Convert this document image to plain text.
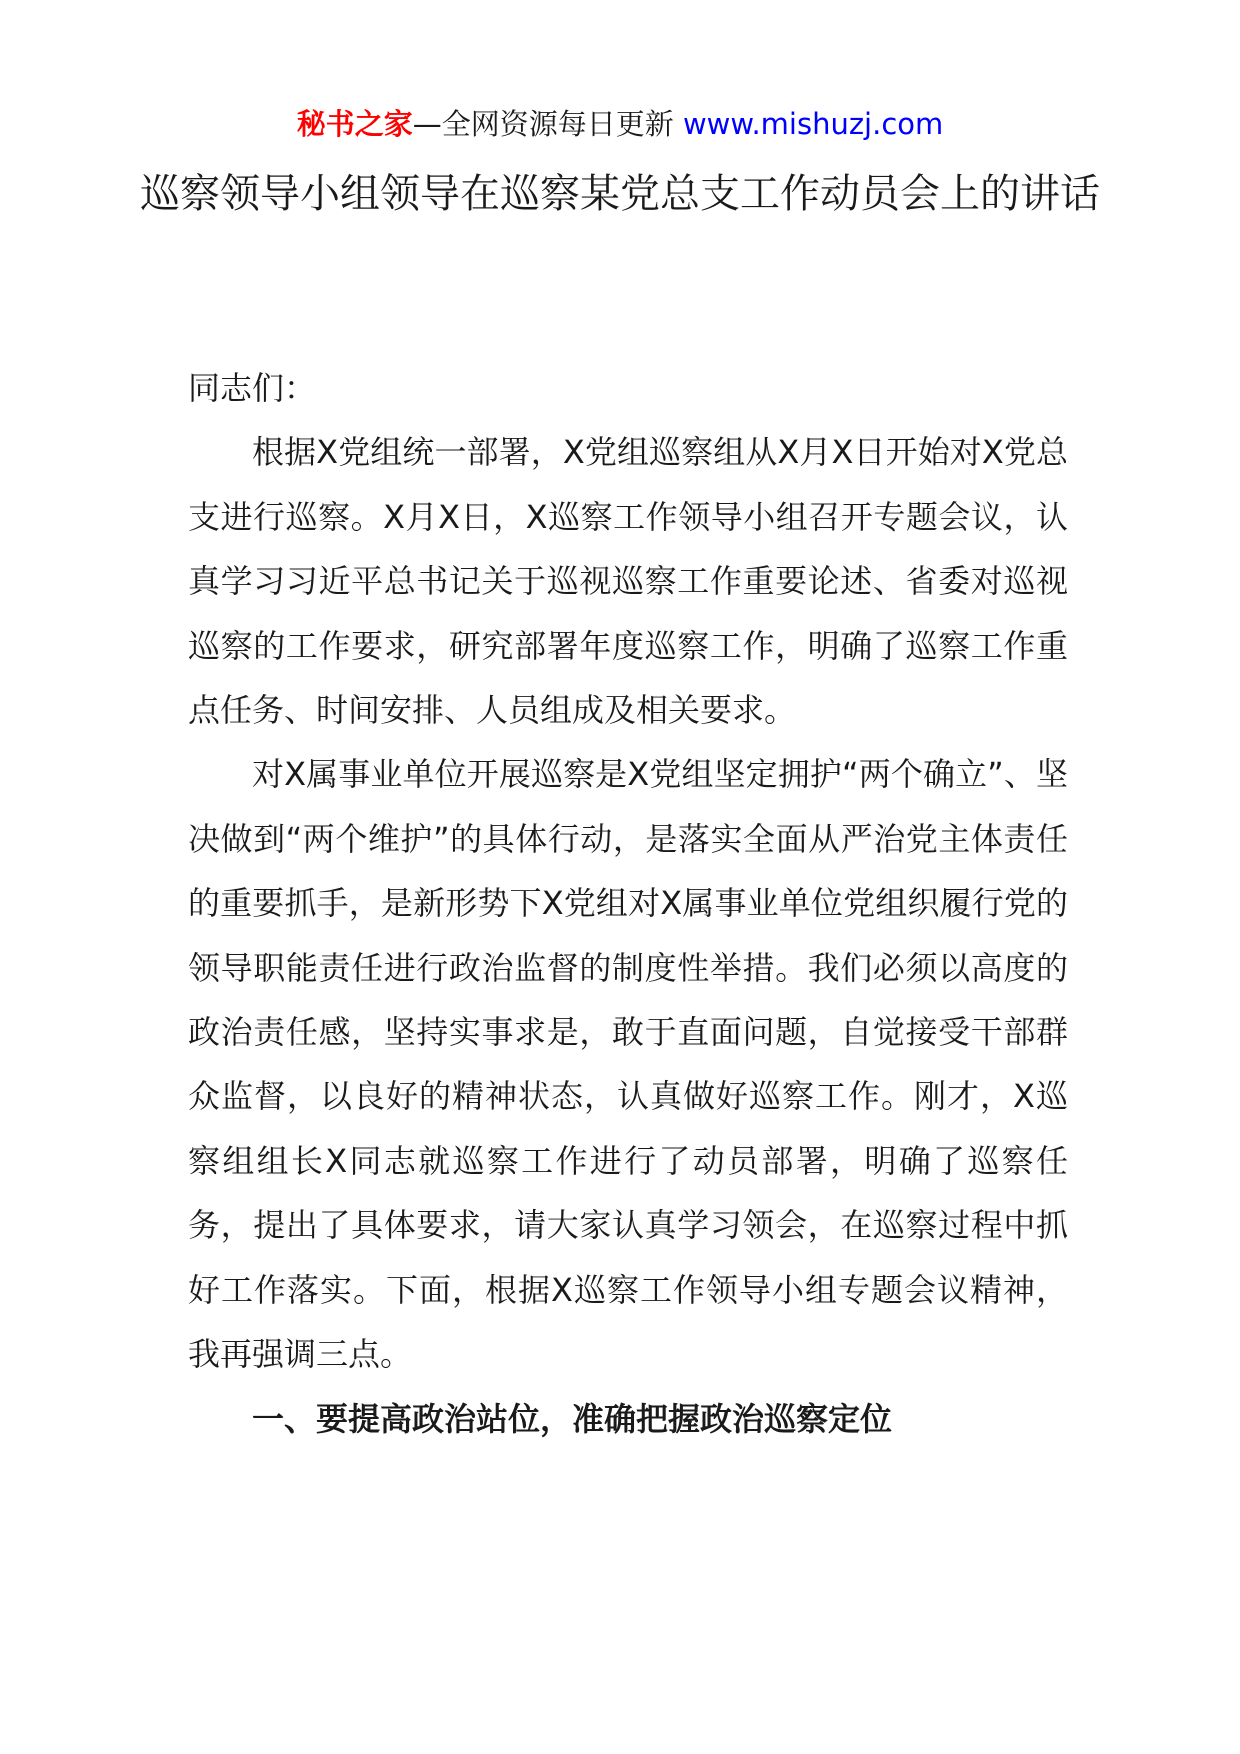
秘书之家—全网资源每日更新 www.mishuzj.com
巡察领导小组领导在巡察某党总支工作动员会上的讲话

同志们：

根据X党组统一部署，X党组巡察组从X月X日开始对X党总支进行巡察。X月X日，X巡察工作领导小组召开专题会议，认真学习习近平总书记关于巡视巡察工作重要论述、省委对巡视巡察的工作要求，研究部署年度巡察工作，明确了巡察工作重点任务、时间安排、人员组成及相关要求。

对X属事业单位开展巡察是X党组坚定拥护“两个确立”、坚决做到“两个维护”的具体行动，是落实全面从严治党主体责任的重要抓手，是新形势下X党组对X属事业单位党组织履行党的领导职能责任进行政治监督的制度性举措。我们必须以高度的政治责任感，坚持实事求是，敢于直面问题，自觉接受干部群众监督，以良好的精神状态，认真做好巡察工作。刚才，X巡察组组长X同志就巡察工作进行了动员部署，明确了巡察任务，提出了具体要求，请大家认真学习领会，在巡察过程中抓好工作落实。下面，根据X巡察工作领导小组专题会议精神，我再强调三点。

一、要提高政治站位，准确把握政治巡察定位
